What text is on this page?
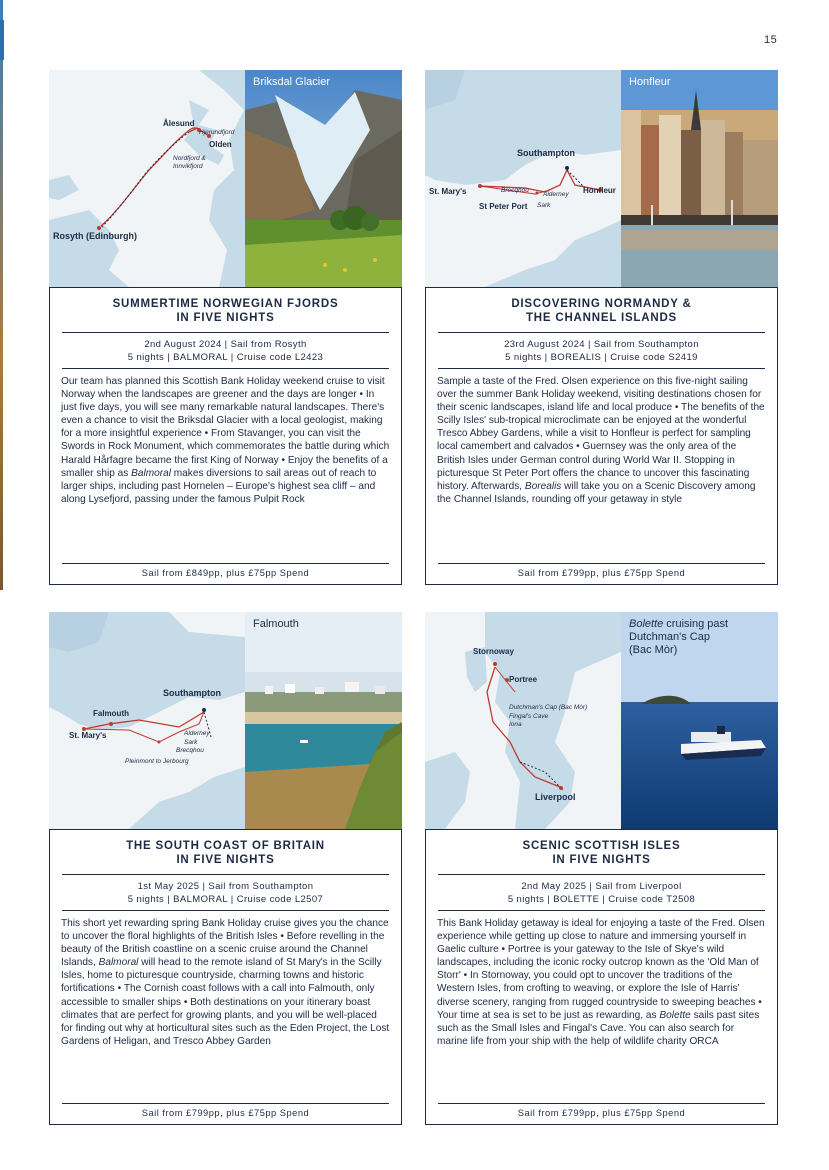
15
Ålesund
Hjerundfjord
Olden
Nordfjord &
Innvikfjord
Rosyth (Edinburgh)
Briksdal Glacier
SUMMERTIME NORWEGIAN FJORDS
IN FIVE NIGHTS
2nd August 2024 | Sail from Rosyth
5 nights | BALMORAL | Cruise code L2423
Our team has planned this Scottish Bank Holiday weekend cruise to visit Norway when the landscapes are greener and the days are longer • In just five days, you will see many remarkable natural landscapes. There's even a chance to visit the Briksdal Glacier with a local geologist, making for a more insightful experience • From Stavanger, you can visit the Swords in Rock Monument, which commemorates the battle during which Harald Hårfagre became the first King of Norway • Enjoy the benefits of a smaller ship as Balmoral makes diversions to sail areas out of reach to larger ships, including past Hornelen – Europe's highest sea cliff – and along Lysefjord, passing under the famous Pulpit Rock
Sail from £849pp, plus £75pp Spend
Southampton
St. Mary's	Brecqhou
Alderney Honfleur
St Peter Port Sark
Honfleur
DISCOVERING NORMANDY &
THE CHANNEL ISLANDS
23rd August 2024 | Sail from Southampton
5 nights | BOREALIS | Cruise code S2419
Sample a taste of the Fred. Olsen experience on this five-night sailing over the summer Bank Holiday weekend, visiting destinations chosen for their scenic landscapes, island life and local produce • The benefits of the Scilly Isles' sub-tropical microclimate can be enjoyed at the wonderful Tresco Abbey Gardens, while a visit to Honfleur is perfect for sampling local camembert and calvados • Guernsey was the only area of the British Isles under German control during World War II. Stopping in picturesque St Peter Port offers the chance to uncover this fascinating history. Afterwards, Borealis will take you on a Scenic Discovery among the Channel Islands, rounding off your getaway in style
Sail from £799pp, plus £75pp Spend
Southampton
Falmouth
St. Mary's	Alderney
Sark
Brecqhou
Pleinmont to Jerbourg
Falmouth
THE SOUTH COAST OF BRITAIN
IN FIVE NIGHTS
1st May 2025 | Sail from Southampton
5 nights | BALMORAL | Cruise code L2507
This short yet rewarding spring Bank Holiday cruise gives you the chance to uncover the floral highlights of the British Isles • Before revelling in the beauty of the British coastline on a scenic cruise around the Channel Islands, Balmoral will head to the remote island of St Mary's in the Scilly Isles, home to picturesque countryside, charming towns and historic fortifications • The Cornish coast follows with a call into Falmouth, only accessible to smaller ships • Both destinations on your itinerary boast climates that are perfect for growing plants, and you will be well-placed for finding out why at horticultural sites such as the Eden Project, the Lost Gardens of Heligan, and Tresco Abbey Garden
Sail from £799pp, plus £75pp Spend
Stornoway
Portree
Dutchman's Cap (Bac Mòr)
Fingal's Cave
Iona
Liverpool
Bolette cruising past
Dutchman's Cap
(Bac Mòr)
SCENIC SCOTTISH ISLES
IN FIVE NIGHTS
2nd May 2025 | Sail from Liverpool
5 nights | BOLETTE | Cruise code T2508
This Bank Holiday getaway is ideal for enjoying a taste of the Fred. Olsen experience while getting up close to nature and immersing yourself in Gaelic culture • Portree is your gateway to the Isle of Skye's wild landscapes, including the iconic rocky outcrop known as the 'Old Man of Storr' • In Stornoway, you could opt to uncover the traditions of the Western Isles, from crofting to weaving, or explore the Isle of Harris' diverse scenery, ranging from rugged countryside to sweeping beaches • Your time at sea is set to be just as rewarding, as Bolette sails past sites such as the Small Isles and Fingal's Cave. You can also search for marine life from your ship with the help of wildlife charity ORCA
Sail from £799pp, plus £75pp Spend
